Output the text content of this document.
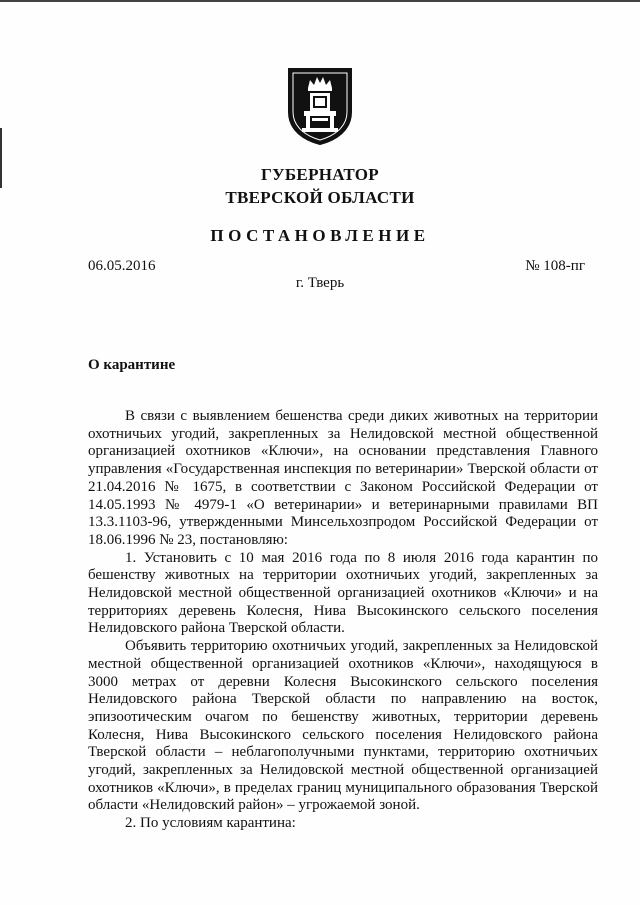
ГУБЕРНАТОР
ТВЕРСКОЙ ОБЛАСТИ
ПОСТАНОВЛЕНИЕ
06.05.2016	№ 108-пг
г. Тверь
О карантине

В связи с выявлением бешенства среди диких животных на территории охотничьих угодий, закрепленных за Нелидовской местной общественной организацией охотников «Ключи», на основании представления Главного управления «Государственная инспекция по ветеринарии» Тверской области от 21.04.2016 № 1675, в соответствии с Законом Российской Федерации от 14.05.1993 № 4979-1 «О ветеринарии» и ветеринарными правилами ВП 13.3.1103-96, утвержденными Минсельхозпродом Российской Федерации от 18.06.1996 № 23, постановляю:

1. Установить с 10 мая 2016 года по 8 июля 2016 года карантин по бешенству животных на территории охотничьих угодий, закрепленных за Нелидовской местной общественной организацией охотников «Ключи» и на территориях деревень Колесня, Нива Высокинского сельского поселения Нелидовского района Тверской области.

Объявить территорию охотничьих угодий, закрепленных за Нелидовской местной общественной организацией охотников «Ключи», находящуюся в 3000 метрах от деревни Колесня Высокинского сельского поселения Нелидовского района Тверской области по направлению на восток, эпизоотическим очагом по бешенству животных, территории деревень Колесня, Нива Высокинского сельского поселения Нелидовского района Тверской области – неблагополучными пунктами, территорию охотничьих угодий, закрепленных за Нелидовской местной общественной организацией охотников «Ключи», в пределах границ муниципального образования Тверской области «Нелидовский район» – угрожаемой зоной.

2. По условиям карантина:
